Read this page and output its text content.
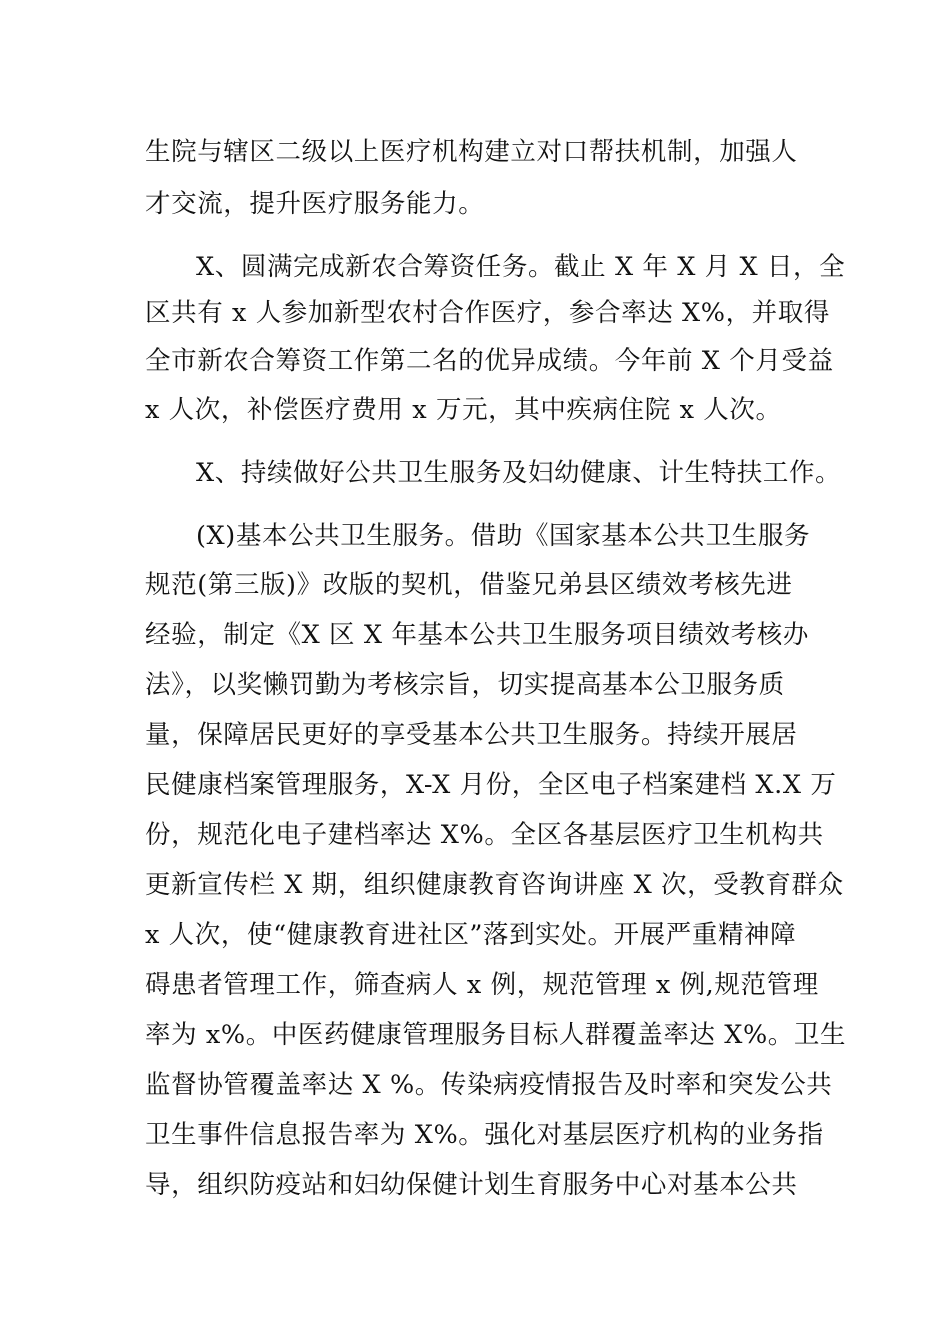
生院与辖区二级以上医疗机构建立对口帮扶机制，加强人

才交流，提升医疗服务能力。

X、圆满完成新农合筹资任务。截止 X 年 X 月 X 日，全

区共有 x 人参加新型农村合作医疗，参合率达 X%，并取得

全市新农合筹资工作第二名的优异成绩。今年前 X 个月受益

x 人次，补偿医疗费用 x 万元，其中疾病住院 x 人次。

X、持续做好公共卫生服务及妇幼健康、计生特扶工作。

(X)基本公共卫生服务。借助《国家基本公共卫生服务

规范(第三版)》改版的契机，借鉴兄弟县区绩效考核先进

经验，制定《X 区 X 年基本公共卫生服务项目绩效考核办

法》，以奖懒罚勤为考核宗旨，切实提高基本公卫服务质

量，保障居民更好的享受基本公共卫生服务。持续开展居

民健康档案管理服务，X-X 月份，全区电子档案建档 X.X 万

份，规范化电子建档率达 X%。全区各基层医疗卫生机构共

更新宣传栏 X 期，组织健康教育咨询讲座 X 次，受教育群众

x 人次，使“健康教育进社区”落到实处。开展严重精神障

碍患者管理工作，筛查病人 x 例，规范管理 x 例,规范管理

率为 x%。中医药健康管理服务目标人群覆盖率达 X%。卫生

监督协管覆盖率达 X %。传染病疫情报告及时率和突发公共

卫生事件信息报告率为 X%。强化对基层医疗机构的业务指

导，组织防疫站和妇幼保健计划生育服务中心对基本公共
